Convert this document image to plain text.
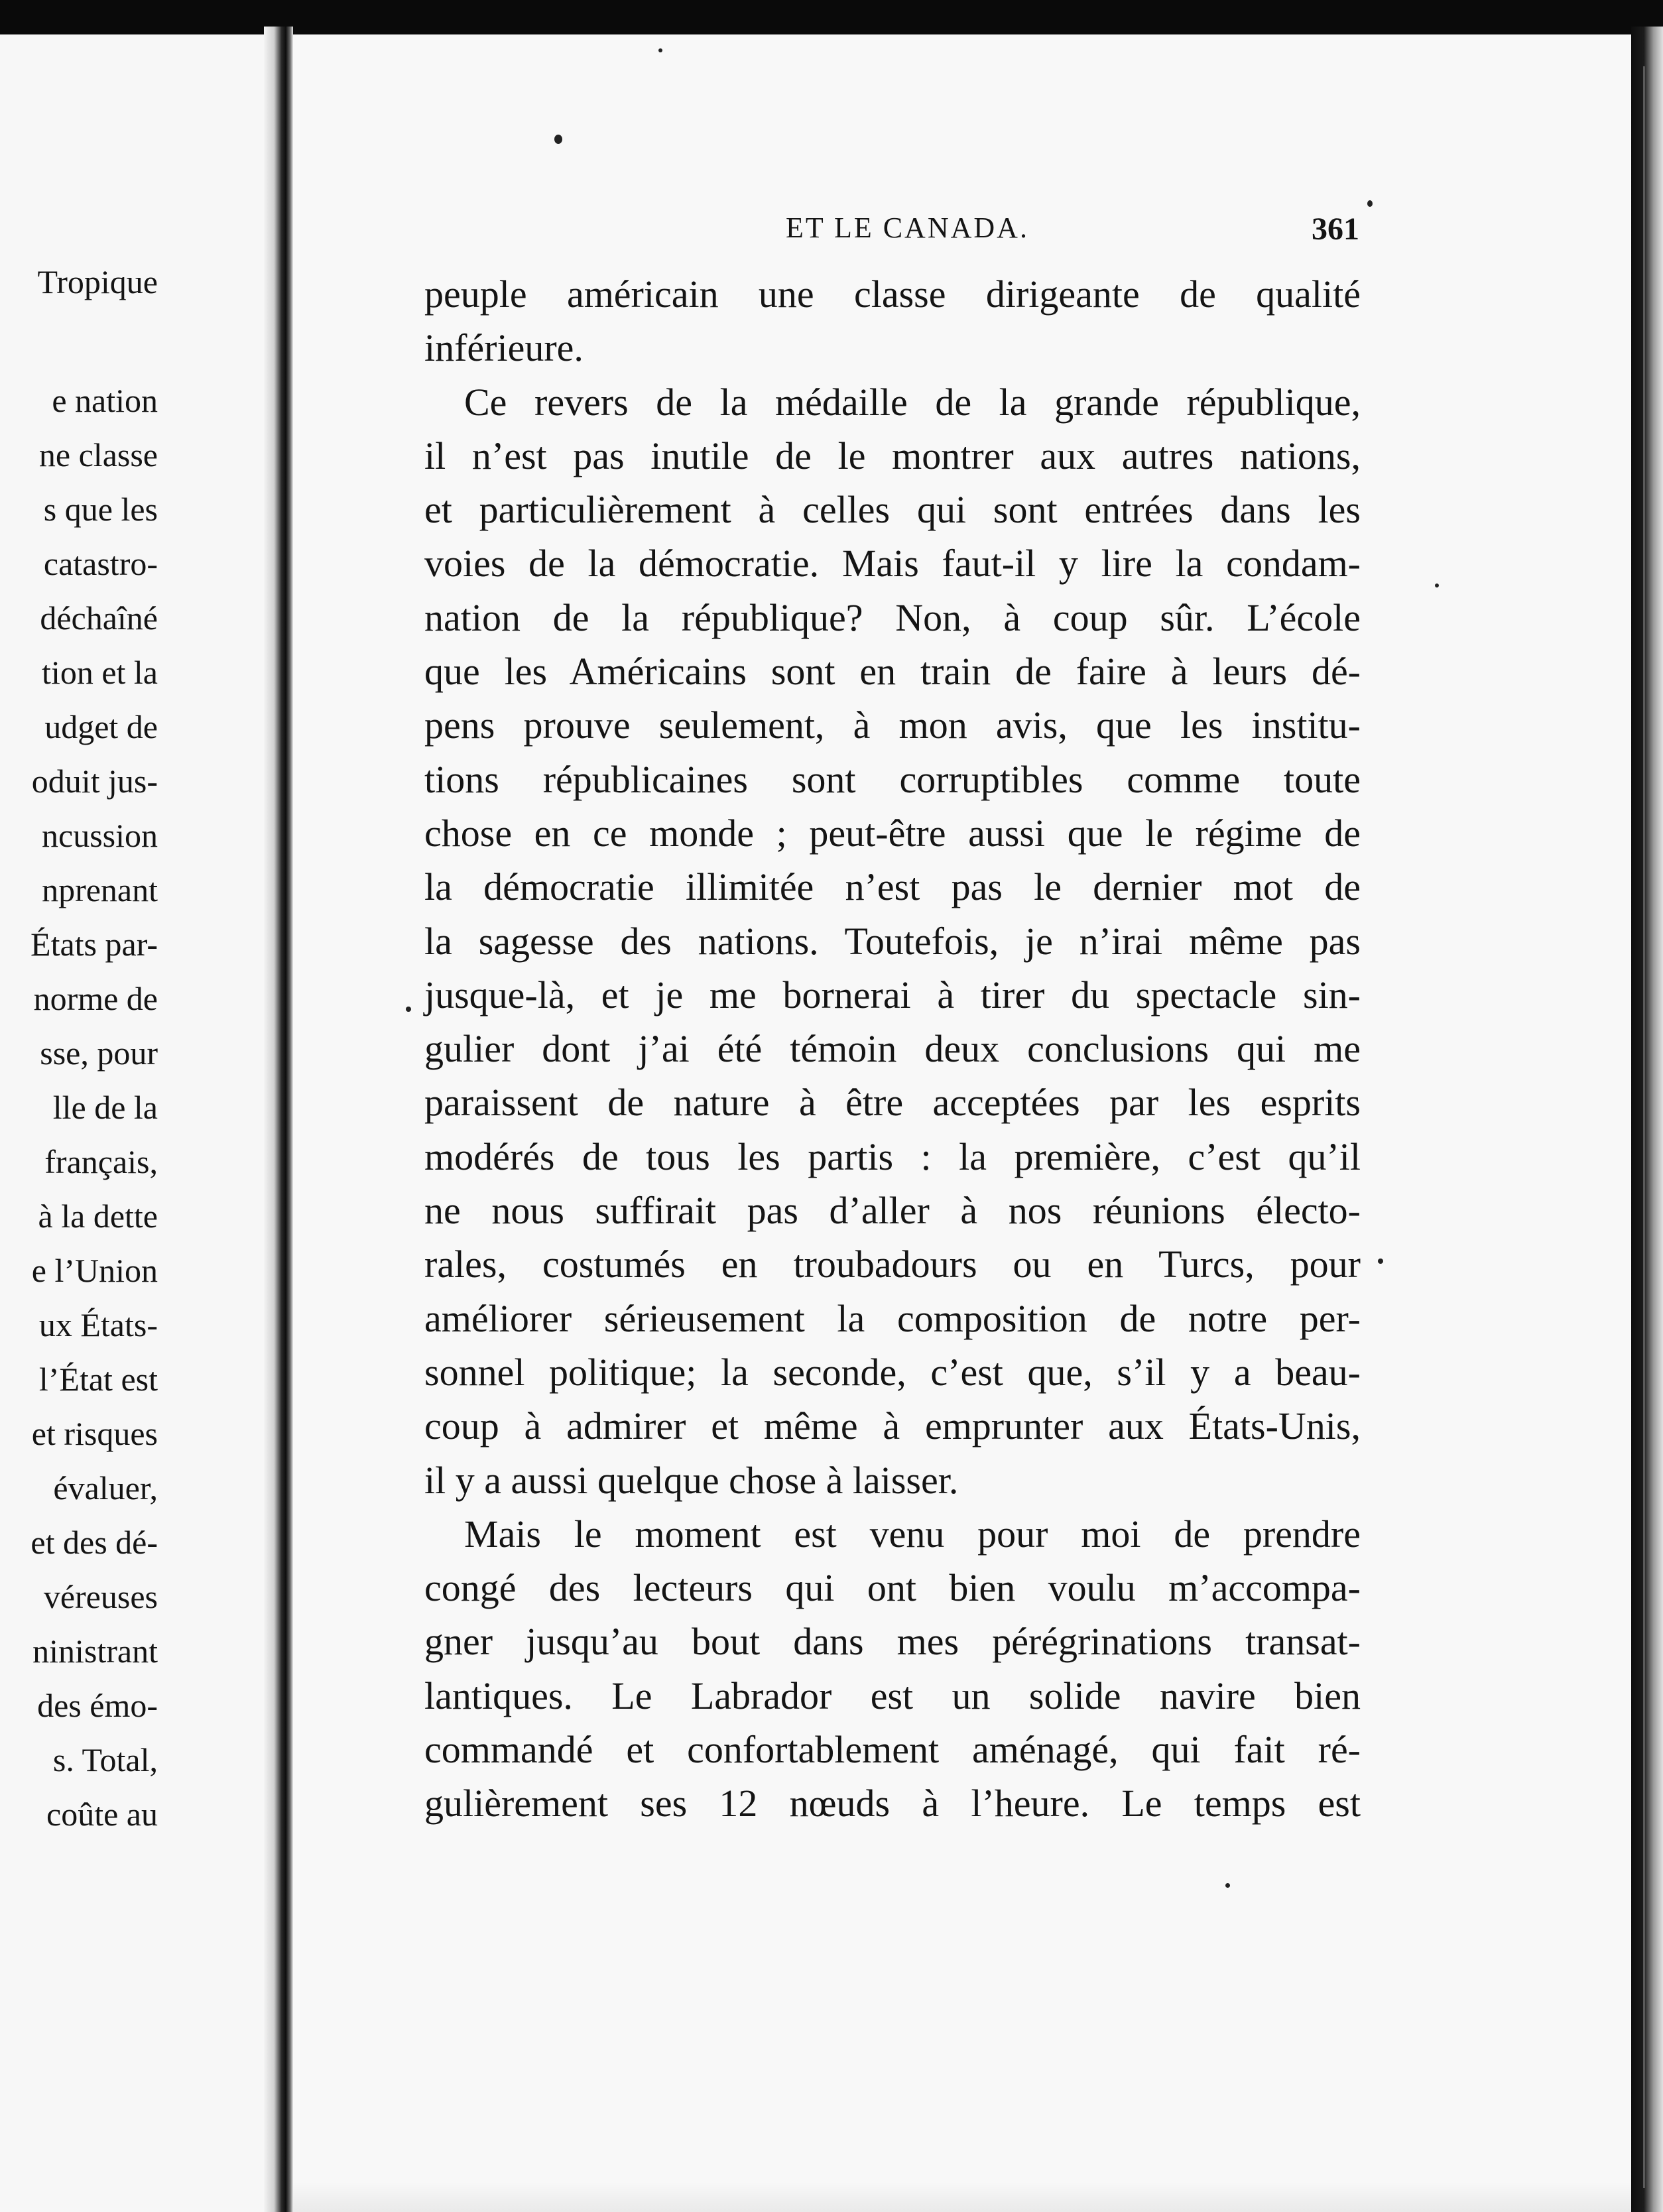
Tropique

e nation

ne classe

s que les

catastro-

déchaîné

tion et la

udget de

oduit jus-

ncussion

nprenant

États par-

norme de

sse, pour

lle de la

français,

à la dette

e l’Union

ux États-

l’État est

et risques

évaluer,

et des dé-

véreuses

ninistrant

des émo-

s. Total,

coûte au

ET LE CANADA.	361

peuple américain une classe dirigeante de qualité
inférieure.
Ce revers de la médaille de la grande république,
il n’est pas inutile de le montrer aux autres nations,
et particulièrement à celles qui sont entrées dans les
voies de la démocratie. Mais faut-il y lire la condam-
nation de la république? Non, à coup sûr. L’école
que les Américains sont en train de faire à leurs dé-
pens prouve seulement, à mon avis, que les institu-
tions républicaines sont corruptibles comme toute
chose en ce monde ; peut-être aussi que le régime de
la démocratie illimitée n’est pas le dernier mot de
la sagesse des nations. Toutefois, je n’irai même pas
jusque-là, et je me bornerai à tirer du spectacle sin-
gulier dont j’ai été témoin deux conclusions qui me
paraissent de nature à être acceptées par les esprits
modérés de tous les partis : la première, c’est qu’il
ne nous suffirait pas d’aller à nos réunions électo-
rales, costumés en troubadours ou en Turcs, pour
améliorer sérieusement la composition de notre per-
sonnel politique; la seconde, c’est que, s’il y a beau-
coup à admirer et même à emprunter aux États-Unis,
il y a aussi quelque chose à laisser.
Mais le moment est venu pour moi de prendre
congé des lecteurs qui ont bien voulu m’accompa-
gner jusqu’au bout dans mes pérégrinations transat-
lantiques. Le Labrador est un solide navire bien
commandé et confortablement aménagé, qui fait ré-
gulièrement ses 12 nœuds à l’heure. Le temps est
